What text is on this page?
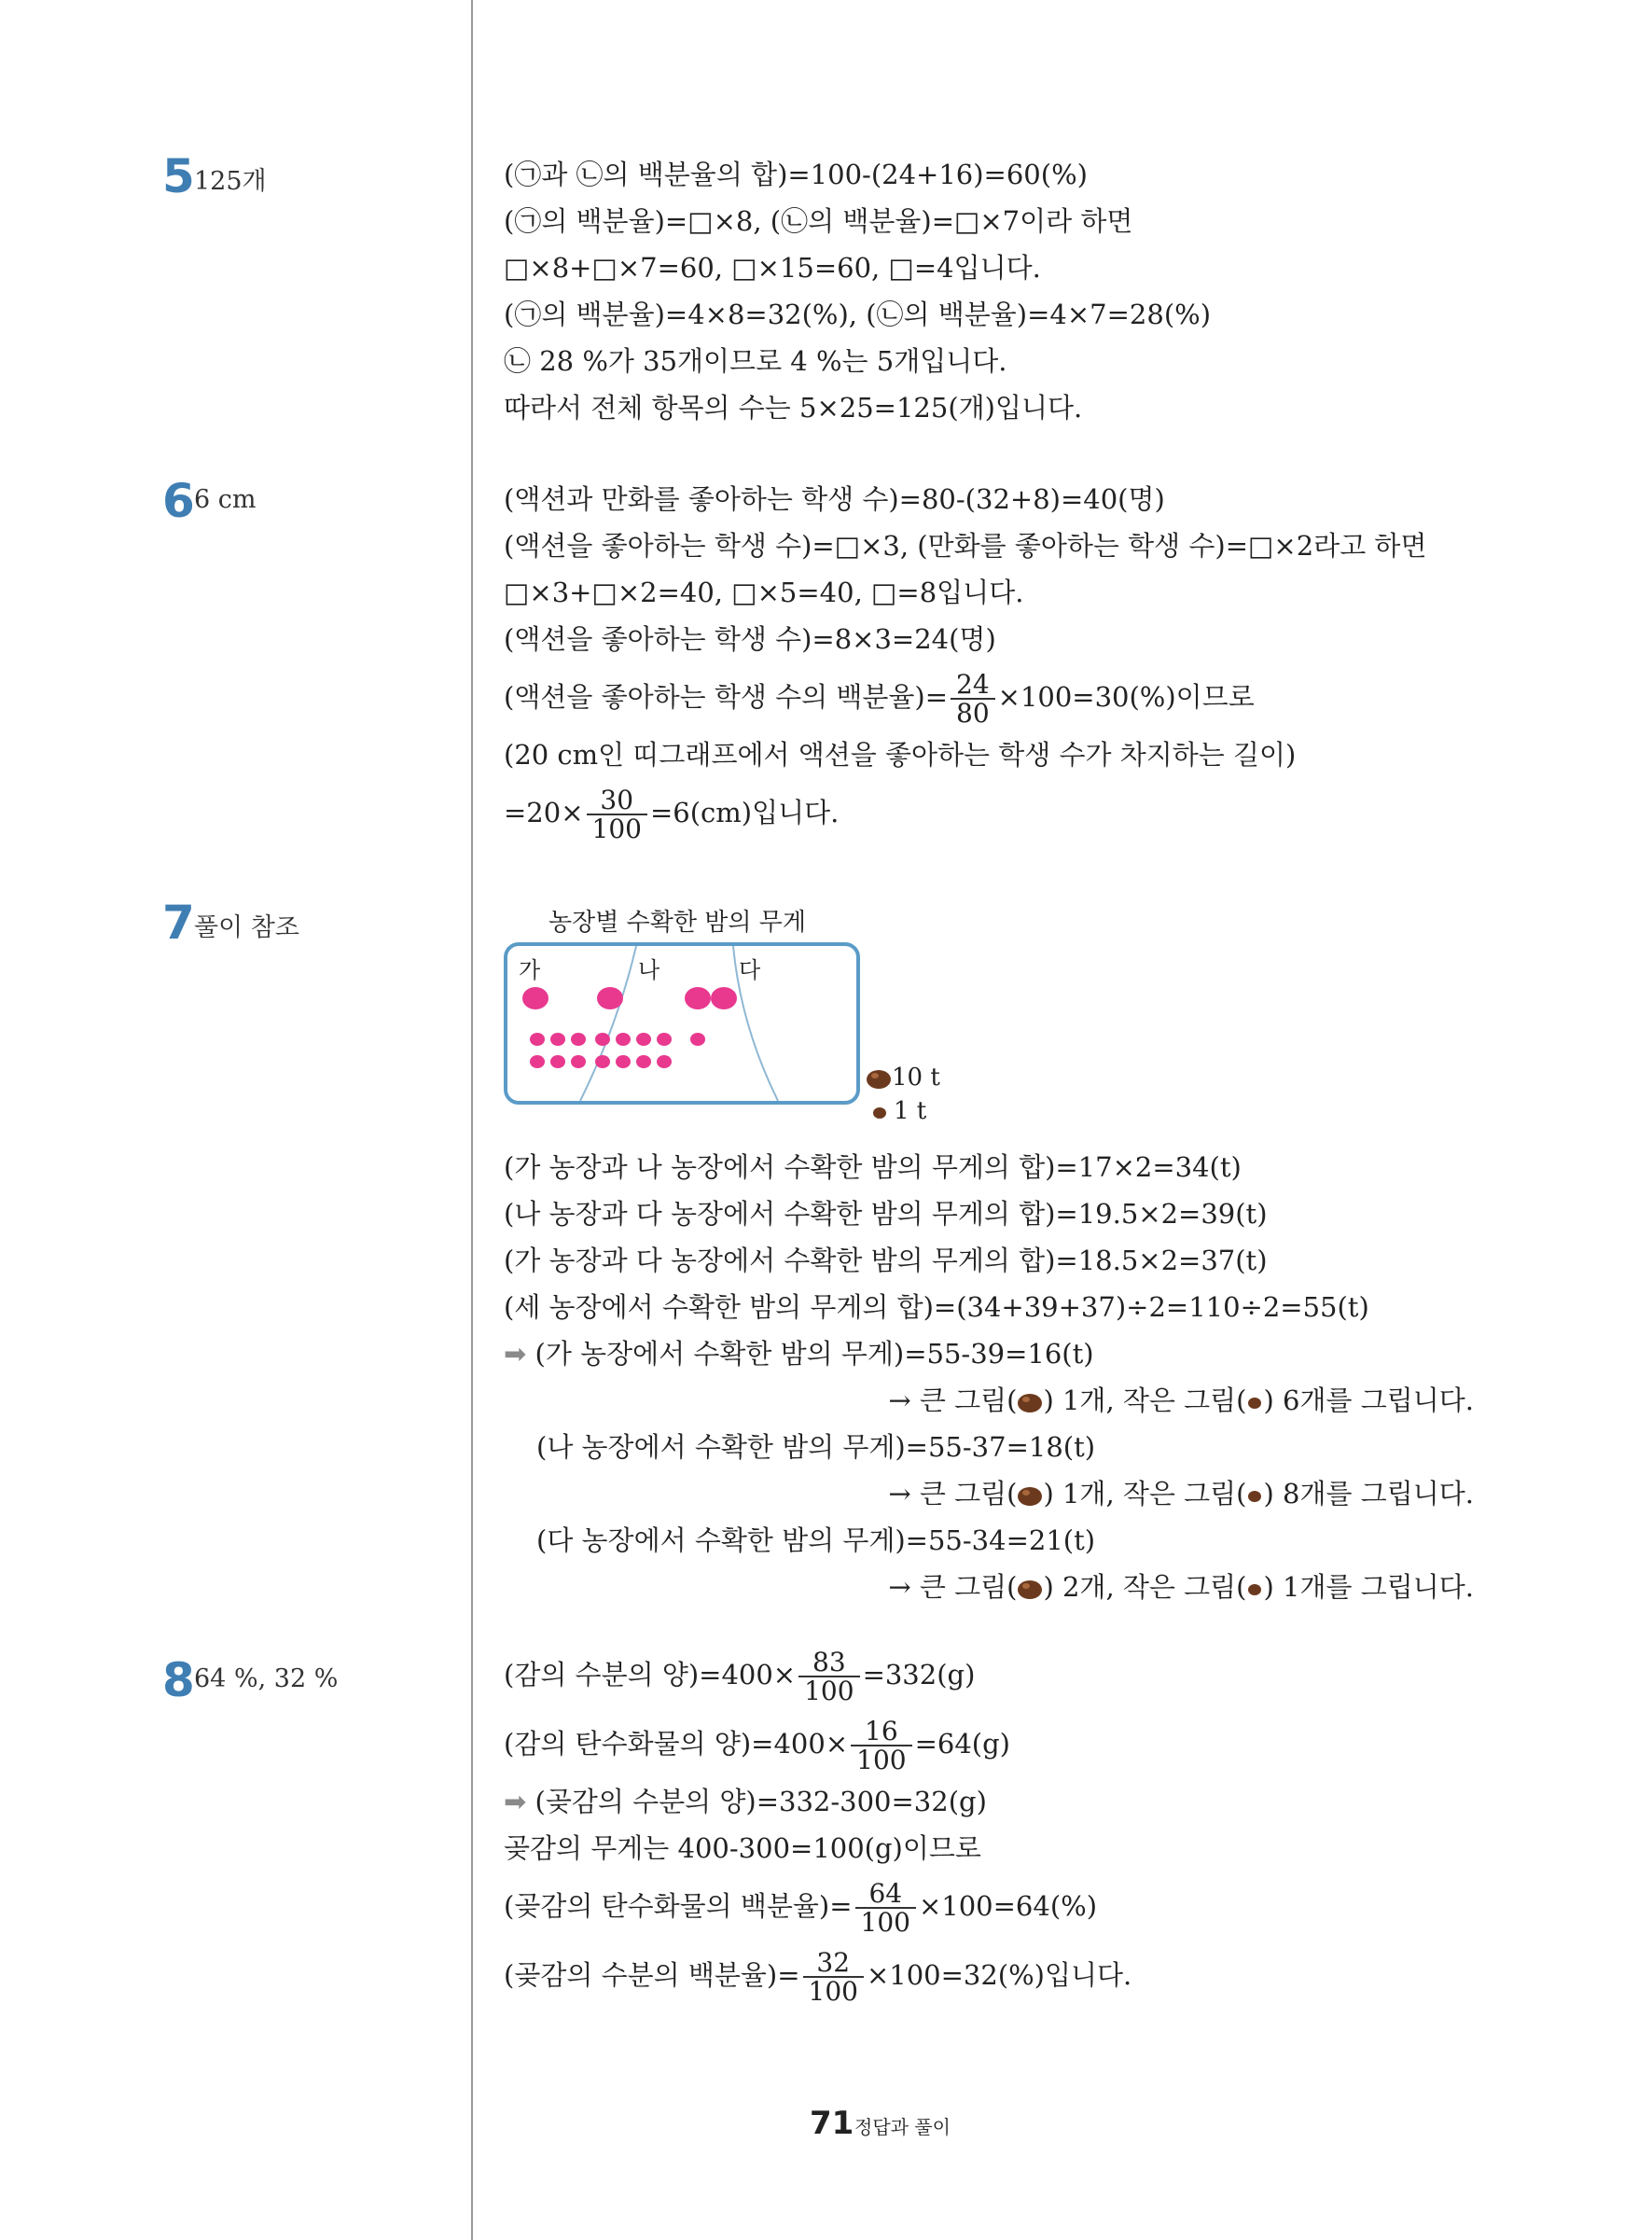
5 125개	(㉠과 ㉡의 백분율의 합)=100-(24+16)=60(%)
(㉠의 백분율)=□×8, (㉡의 백분율)=□×7이라 하면
□×8+□×7=60, □×15=60, □=4입니다.
(㉠의 백분율)=4×8=32(%), (㉡의 백분율)=4×7=28(%)
㉡ 28 %가 35개이므로 4 %는 5개입니다.
따라서 전체 항목의 수는 5×25=125(개)입니다.
6 6 cm	(액션과 만화를 좋아하는 학생 수)=80-(32+8)=40(명)
(액션을 좋아하는 학생 수)=□×3, (만화를 좋아하는 학생 수)=□×2라고 하면
□×3+□×2=40, □×5=40, □=8입니다.
(액션을 좋아하는 학생 수)=8×3=24(명)
(액션을 좋아하는 학생 수의 백분율)= $\frac{24}{80} \times 100=30(\%)$이므로
(20 cm인 띠그래프에서 액션을 좋아하는 학생 수가 차지하는 길이)
$=20\times \frac{30}{100} =6(cm)$입니다.
7 풀이 참조	농장별 수확한 밤의 무게
가	나	다
10 t
1 t
(가 농장과 나 농장에서 수확한 밤의 무게의 합)=17×2=34(t)
(나 농장과 다 농장에서 수확한 밤의 무게의 합)=19.5×2=39(t)
(가 농장과 다 농장에서 수확한 밤의 무게의 합)=18.5×2=37(t)
(세 농장에서 수확한 밤의 무게의 합)=(34+39+37)÷2=110÷2=55(t)
➡ (가 농장에서 수확한 밤의 무게)=55-39=16(t)
→ 큰 그림( ) 1개, 작은 그림( ) 6개를 그립니다.
(나 농장에서 수확한 밤의 무게)=55-37=18(t)
→ 큰 그림( ) 1개, 작은 그림( ) 8개를 그립니다.
(다 농장에서 수확한 밤의 무게)=55-34=21(t)
→ 큰 그림( ) 2개, 작은 그림( ) 1개를 그립니다.
8 64 %, 32 %	(감의 수분의 양)$=400\times \frac{83}{100} =332(g)$
(감의 탄수화물의 양)$=400\times \frac{16}{100} =64(g)$
➡ (곶감의 수분의 양)=332-300=32(g)
곶감의 무게는 400-300=100(g)이므로
(곶감의 탄수화물의 백분율)= $\frac{64}{100} \times 100=64(\%)$
(곶감의 수분의 백분율)= $\frac{32}{100} \times 100=32(\%)$입니다.
71 정답과 풀이
